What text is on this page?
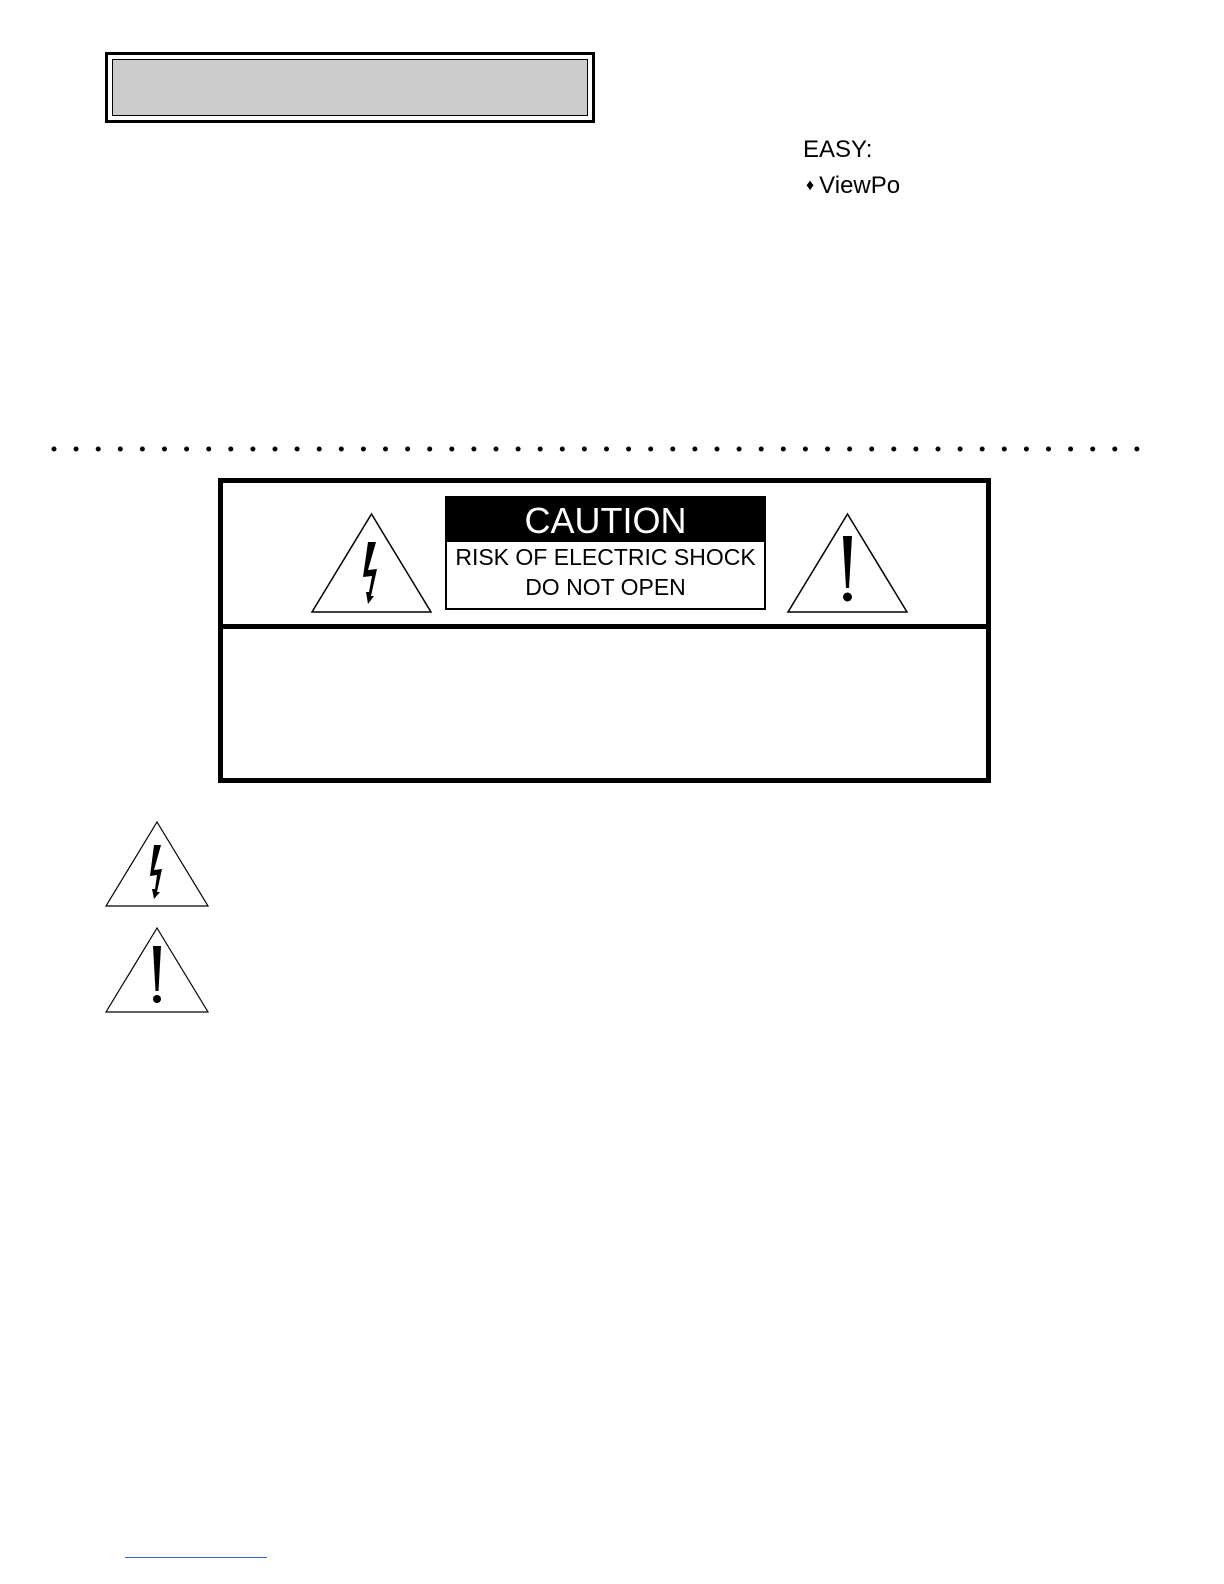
EASY:
♦ ViewPo
CAUTION
RISK OF ELECTRIC SHOCK
DO NOT OPEN
